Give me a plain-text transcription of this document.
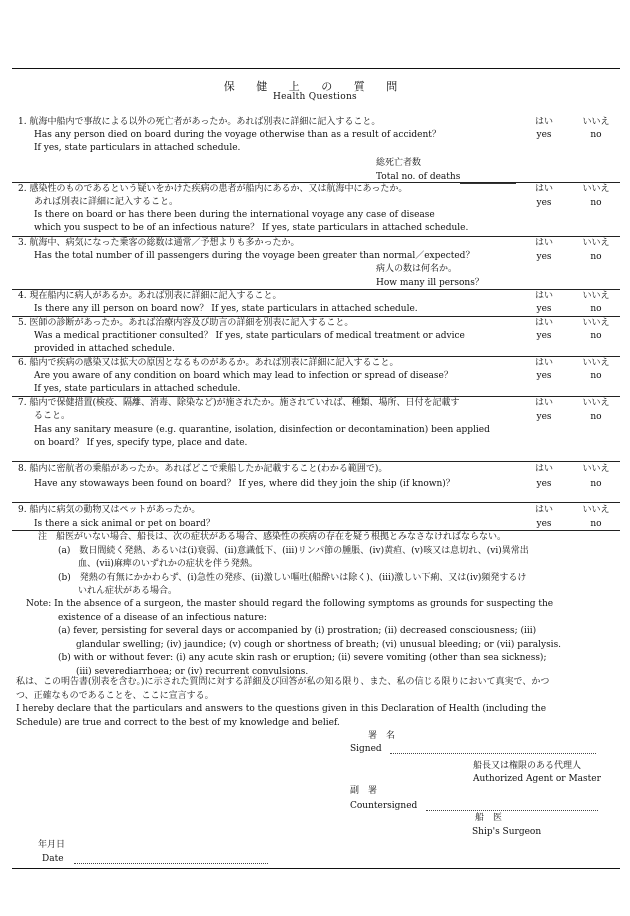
保 健 上 の 質 問
Health Questions
1. 航海中船内で事故による以外の死亡者があったか。あれば別表に詳細に記入すること。
Has any person died on board during the voyage otherwise than as a result of accident？
If yes, state particulars in attached schedule.
はい	いいえ
yes	no
総死亡者数
Total no. of deaths
2. 感染性のものであるという疑いをかけた疾病の患者が船内にあるか、又は航海中にあったか。
あれば別表に詳細に記入すること。
Is there on board or has there been during the international voyage any case of disease
which you suspect to be of an infectious nature？ If yes, state particulars in attached schedule.
はい	いいえ
yes	no
3. 航海中、病気になった乗客の総数は通常／予想よりも多かったか。
Has the total number of ill passengers during the voyage been greater than normal／expected？
はい	いいえ
yes	no
病人の数は何名か。
How many ill persons？
4. 現在船内に病人があるか。あれば別表に詳細に記入すること。
Is there any ill person on board now？ If yes, state particulars in attached schedule.
はい	いいえ
yes	no
5. 医師の診断があったか。あれば治療内容及び助言の詳細を別表に記入すること。
Was a medical practitioner consulted？ If yes, state particulars of medical treatment or advice
provided in attached schedule.
はい	いいえ
yes	no
6. 船内で疾病の感染又は拡大の原因となるものがあるか。あれば別表に詳細に記入すること。
Are you aware of any condition on board which may lead to infection or spread of disease？
If yes, state particulars in attached schedule.
はい	いいえ
yes	no
7. 船内で保健措置(検疫、隔離、消毒、除染など)が施されたか。施されていれば、種類、場所、日付を記載す
ること。
Has any sanitary measure (e.g. quarantine, isolation, disinfection or decontamination) been applied
on board？ If yes, specify type, place and date.
はい	いいえ
yes	no
8. 船内に密航者の乗船があったか。あればどこで乗船したか記載すること(わかる範囲で)。
Have any stowaways been found on board？ If yes, where did they join the ship (if known)？
はい	いいえ
yes	no
9. 船内に病気の動物又はペットがあったか。
Is there a sick animal or pet on board？
はい	いいえ
yes	no
注　船医がいない場合、船長は、次の症状がある場合、感染性の疾病の存在を疑う根拠とみなさなければならない。
(a)　数日間続く発熱、あるいは(i)衰弱、(ii)意識低下、(iii)リンパ節の腫脹、(iv)黄疸、(v)咳又は息切れ、(vi)異常出
血、(vii)麻痺のいずれかの症状を伴う発熱。
(b)　発熱の有無にかかわらず、(i)急性の発疹、(ii)激しい嘔吐(船酔いは除く)、(iii)激しい下痢、又は(iv)頻発するけ
いれん症状がある場合。
Note: In the absence of a surgeon, the master should regard the following symptoms as grounds for suspecting the
existence of a disease of an infectious nature:
(a) fever, persisting for several days or accompanied by (i) prostration; (ii) decreased consciousness; (iii)
glandular swelling; (iv) jaundice; (v) cough or shortness of breath; (vi) unusual bleeding; or (vii) paralysis.
(b) with or without fever: (i) any acute skin rash or eruption; (ii) severe vomiting (other than sea sickness);
(iii) severediarrhoea; or (iv) recurrent convulsions.
私は、この明告書(別表を含む。)に示された質問に対する詳細及び回答が私の知る限り、また、私の信じる限りにおいて真実で、かつ
つ、正確なものであることを、ここに宣言する。
I hereby declare that the particulars and answers to the questions given in this Declaration of Health (including the
Schedule) are true and correct to the best of my knowledge and belief.
署　名
Signed
船長又は権限のある代理人
Authorized Agent or Master
副　署
Countersigned
船　医
Ship's Surgeon
年月日
Date
